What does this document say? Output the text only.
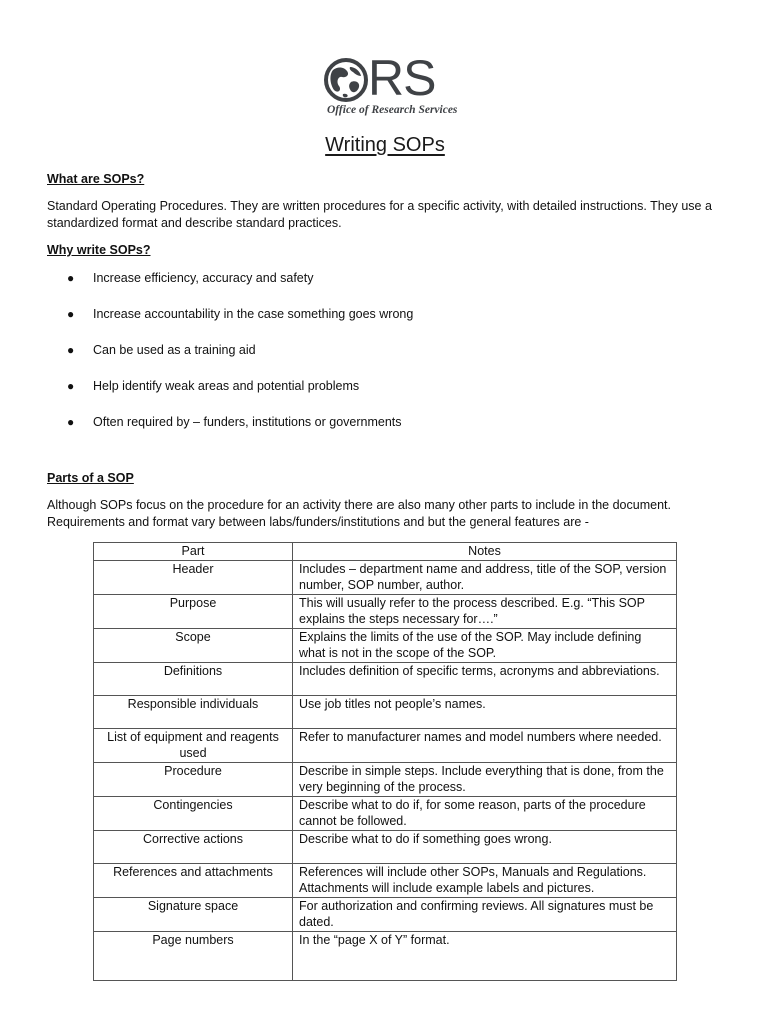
RS
Office of Research Services
Writing SOPs
What are SOPs?
Standard Operating Procedures. They are written procedures for a specific activity, with detailed instructions. They use a standardized format and describe standard practices.
Why write SOPs?
● Increase efficiency, accuracy and safety
● Increase accountability in the case something goes wrong
● Can be used as a training aid
● Help identify weak areas and potential problems
● Often required by – funders, institutions or governments
Parts of a SOP
Although SOPs focus on the procedure for an activity there are also many other parts to include in the document. Requirements and format vary between labs/funders/institutions and but the general features are -
Part	Notes
Header	Includes – department name and address, title of the SOP, version number, SOP number, author.
Purpose	This will usually refer to the process described. E.g. “This SOP explains the steps necessary for….”
Scope	Explains the limits of the use of the SOP. May include defining what is not in the scope of the SOP.
Definitions	Includes definition of specific terms, acronyms and abbreviations.
Responsible individuals	Use job titles not people’s names.
List of equipment and reagents used	Refer to manufacturer names and model numbers where needed.
Procedure	Describe in simple steps. Include everything that is done, from the very beginning of the process.
Contingencies	Describe what to do if, for some reason, parts of the procedure cannot be followed.
Corrective actions	Describe what to do if something goes wrong.
References and attachments	References will include other SOPs, Manuals and Regulations. Attachments will include example labels and pictures.
Signature space	For authorization and confirming reviews. All signatures must be dated.
Page numbers	In the “page X of Y” format.
